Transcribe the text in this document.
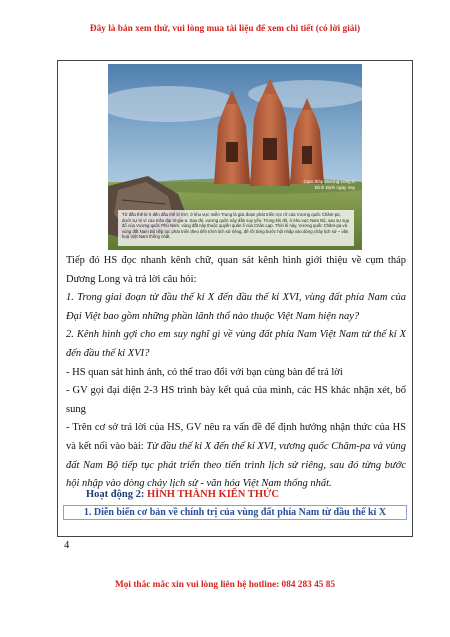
Đây là bản xem thử, vui lòng mua tài liệu để xem chi tiết (có lời giải)
Cụm tháp Dương Long ở Bình Định ngày nay
Từ đầu thế kỉ X đến đầu thế kỉ XVI, ở khu vực miền Trung là giai đoạn phát triển rực rỡ của Vương quốc Chăm-pa, dưới sự trị vì của triều đại Vi-gia-a. Sau đó, vương quốc này dần suy yếu. Trong khi đó, ở khu vực Nam Bộ, sau sự sụp đổ của Vương quốc Phù Nam, vùng đất này thuộc quyền quản lí của Chân Lạp. Thời kì này, Vương quốc Chăm-pa và vùng đất Nam Bộ tiếp tục phát triển theo tiến trình lịch sử riêng, để rồi từng bước hội nhập vào dòng chảy lịch sử – văn hoá Việt Nam thống nhất.

Tiếp đó HS đọc nhanh kênh chữ, quan sát kênh hình giới thiệu về cụm tháp Dương Long và trả lời câu hỏi:

1. Trong giai đoạn từ đầu thế kỉ X đến đầu thế kỉ XVI, vùng đất phía Nam của Đại Việt bao gồm những phần lãnh thổ nào thuộc Việt Nam hiện nay?

2. Kênh hình gợi cho em suy nghĩ gì về vùng đất phía Nam Việt Nam từ thế kỉ X đến đầu thế kỉ XVI?

- HS quan sát hình ảnh, có thể trao đổi với bạn cùng bàn để trả lời

- GV gọi đại diện 2-3 HS trình bày kết quả của mình, các HS khác nhận xét, bổ sung

- Trên cơ sở trả lời của HS, GV nêu ra vấn đề để định hướng nhận thức của HS và kết nối vào bài: Từ đầu thế kỉ X đến thế kỉ XVI, vương quốc Chăm-pa và vùng đất Nam Bộ tiếp tục phát triển theo tiến trình lịch sử riêng, sau đó từng bước hội nhập vào dòng chảy lịch sử - văn hóa Việt Nam thống nhất.

Hoạt động 2: HÌNH THÀNH KIẾN THỨC
1. Diễn biến cơ bản về chính trị của vùng đất phía Nam từ đầu thế kỉ X
4
Mọi thắc mắc xin vui lòng liên hệ hotline: 084 283 45 85
